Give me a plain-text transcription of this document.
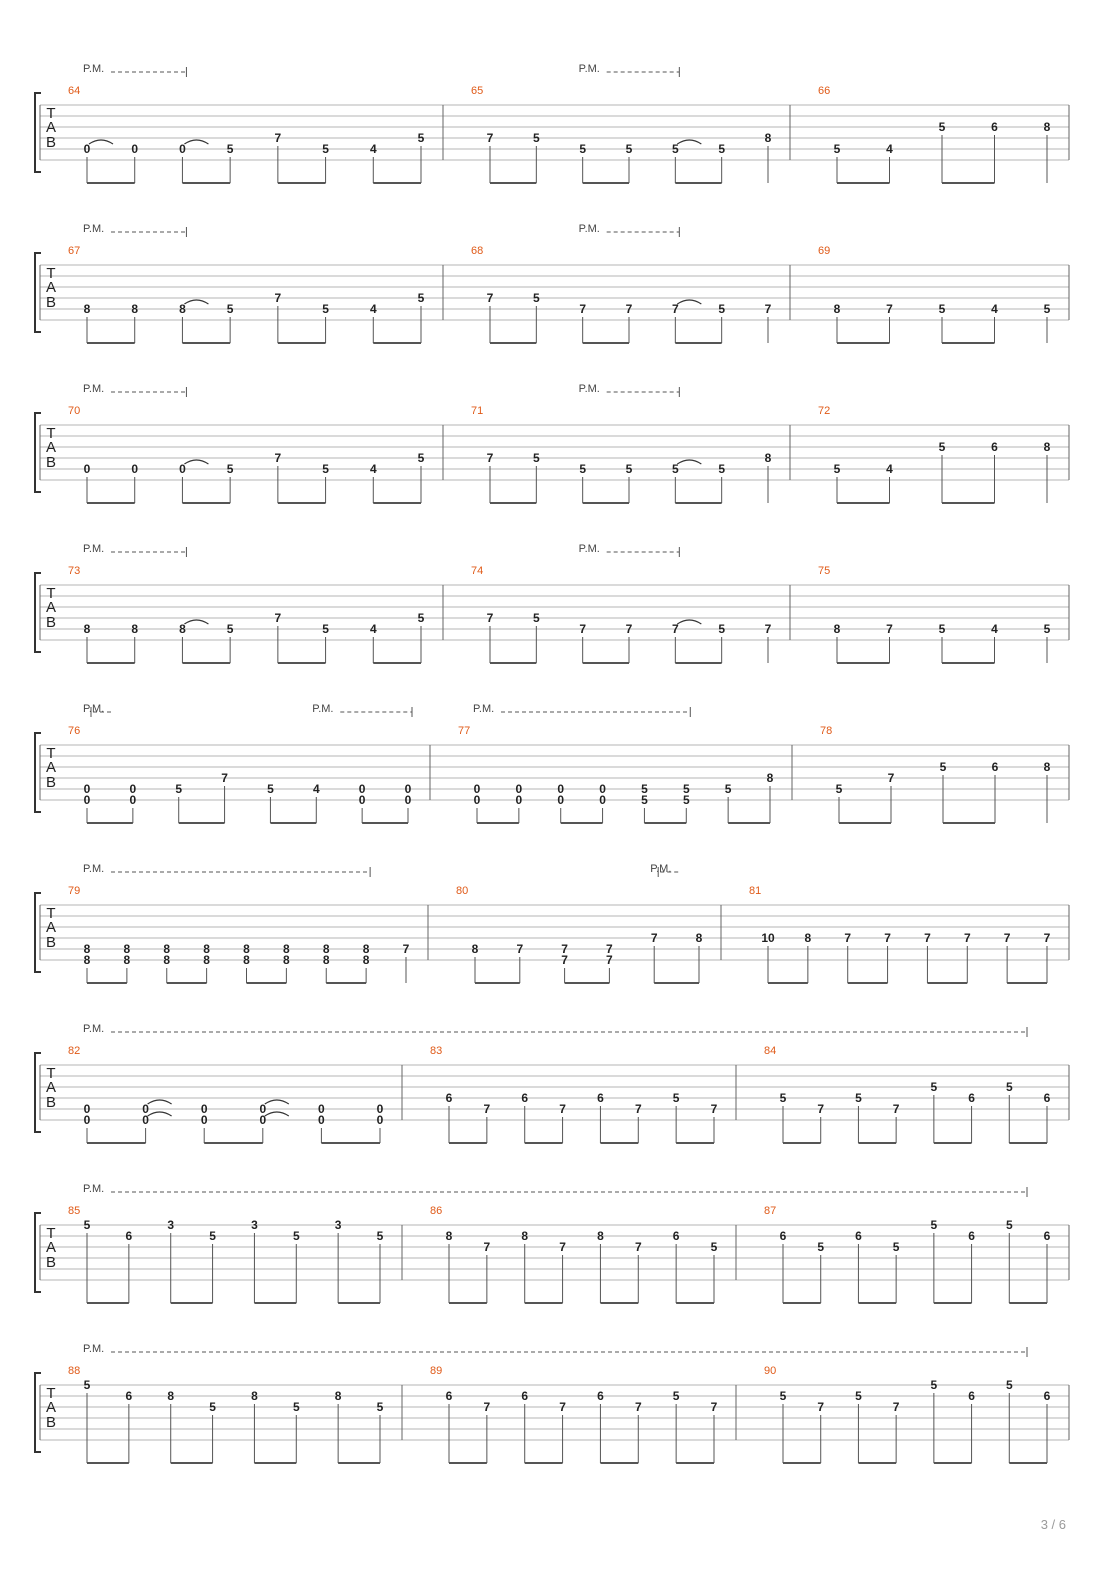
T
A
B
64
0	0	0	5
7
5	4
5
65
7	5
5	5	5	5
8
66
5	4
5	6	8
P.M.	P.M.
T
A
B
67
8	8	8	5
7
5	4
5
68
7	5
7	7	7	5	7
69
8	7	5	4	5
P.M.	P.M.
T
A
B
70
0	0	0	5
7
5	4
5
71
7	5
5	5	5	5
8
72
5	4
5	6	8
P.M.	P.M.
T
A
B
73
8	8	8	5
7
5	4
5
74
7	5
7	7	7	5	7
75
8	7	5	4	5
P.M.	P.M.
T
A
B
76
0
0
0
0
5
7
5	4	0
0
0
0
77
0
0
0
0
0
0
0
0
5
5
5
5
5
8
78
5
7
5	6	8
P.M.	P.M.	P.M.
T
A
B
79
8
8
8
8
8
8
8
8
8
8
8
8
8
8
8
8
7
80
8	7	7
7
7
7
7	8
81
10 8	7	7	7	7	7	7
P.M.	P.M.
T
A
B
82
0
0
0
0
0
0
0
0
0
0
0
0
83
6
7
6
7
6
7
5
7
84
5
7
5
7
5
6
5
6
P.M.
T
A
B
85
5
6
3
5
3
5
3
5
86
8
7
8
7
8
7
6
5
87
6
5
6
5
5
6
5
6
P.M.
T
A
B
88
5
6	8
5
8
5
8
5
89
6
7
6
7
6
7
5
7
90
5
7
5
7
5
6
5
6
P.M.
3 / 6
